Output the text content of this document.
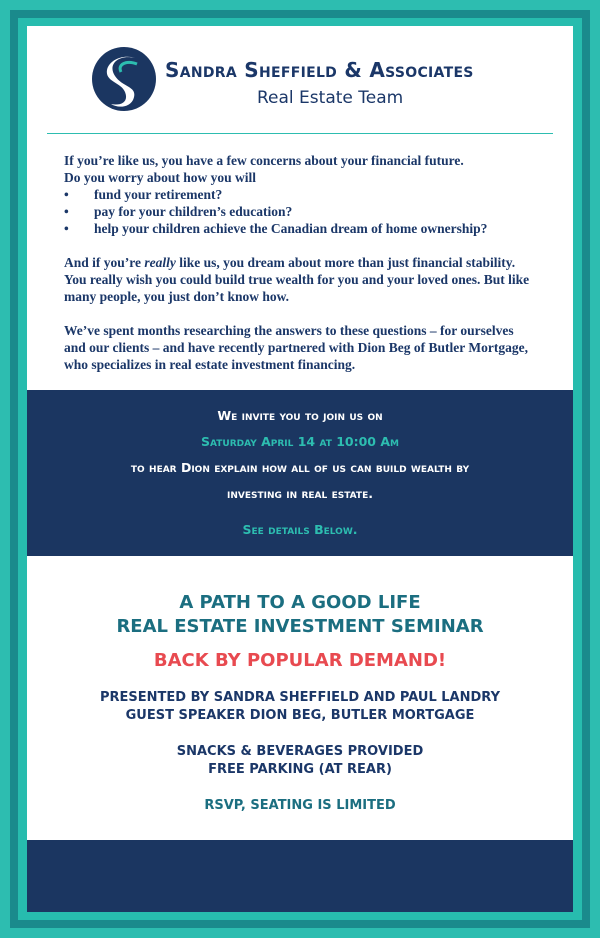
Sandra Sheffield & Associates
Real Estate Team

If you’re like us, you have a few concerns about your financial future.

Do you worry about how you will

• fund your retirement?
• pay for your children’s education?
• help your children achieve the Canadian dream of home ownership?

And if you’re really like us, you dream about more than just financial stability.

You really wish you could build true wealth for you and your loved ones. But like

many people, you just don’t know how.

We’ve spent months researching the answers to these questions – for ourselves

and our clients – and have recently partnered with Dion Beg of Butler Mortgage,

who specializes in real estate investment financing.

We invite you to join us on
Saturday April 14 at 10:00 Am
to hear Dion explain how all of us can build wealth by
investing in real estate.
See details Below.
A PATH TO A GOOD LIFE
REAL ESTATE INVESTMENT SEMINAR
BACK BY POPULAR DEMAND!
PRESENTED BY SANDRA SHEFFIELD AND PAUL LANDRY
GUEST SPEAKER DION BEG, BUTLER MORTGAGE
SNACKS & BEVERAGES PROVIDED
FREE PARKING (AT REAR)
RSVP, SEATING IS LIMITED
